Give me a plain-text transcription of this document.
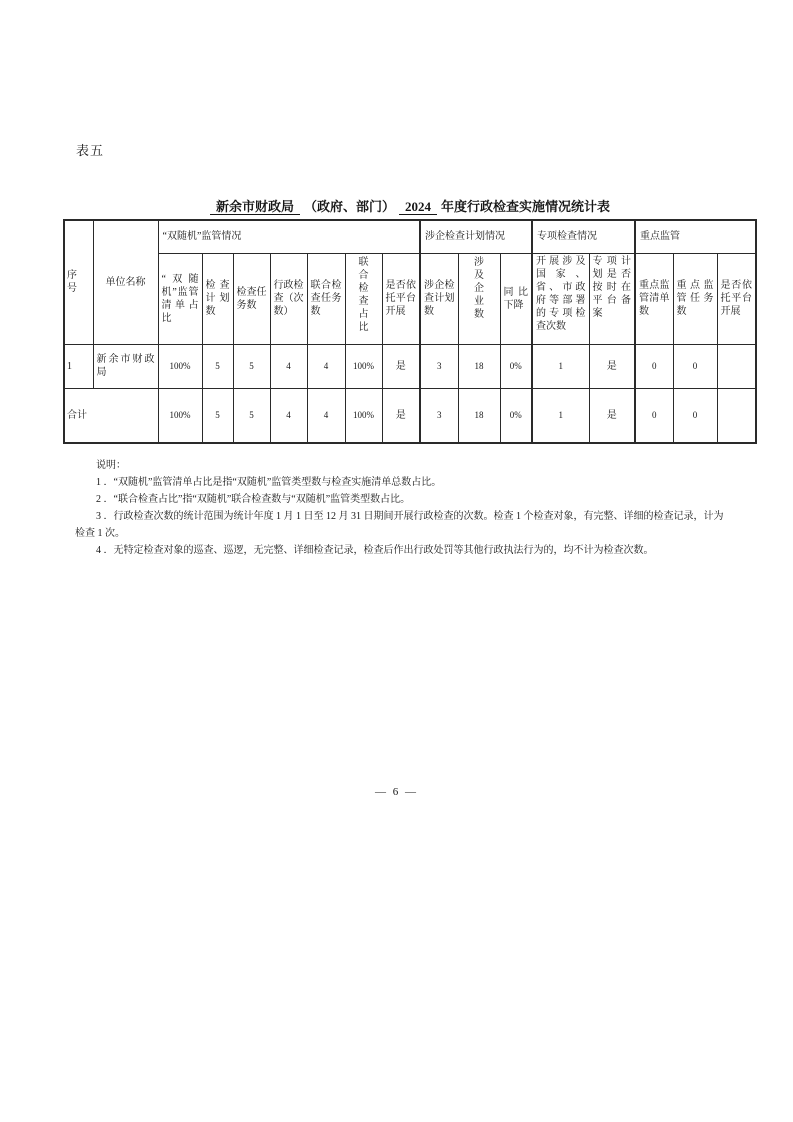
表五
新余市财政局 （政府、部门） 2024 年度行政检查实施情况统计表
序号	单位名称	“双随机”监管情况							涉企检查计划情况			专项检查情况		重点监管		
		“双随机”监管清单占比	检查计划数	检查任务数	行政检查（次数）	联合检查任务数	联合检查占比	是否依托平台开展	涉企检查计划数	涉及企业数	同比下降	开展涉及国家、省、市政府等部署的专项检查次数	专项计划是否按时在平台备案	重点监管清单数	重点监管任务数	是否依托平台开展
1	新余市财政局	100%	5	5	4	4	100%	是	3	18	0%	1	是	0	0	
合计		100%	5	5	4	4	100%	是	3	18	0%	1	是	0	0	
说明：
1 ．“双随机”监管清单占比是指“双随机”监管类型数与检查实施清单总数占比。
2 ．“联合检查占比”指“双随机”联合检查数与“双随机”监管类型数占比。
3 ．行政检查次数的统计范围为统计年度 1 月 1 日至 12 月 31 日期间开展行政检查的次数。检查 1 个检查对象，有完整、详细的检查记录，计为检查 1 次。
4 ．无特定检查对象的巡查、巡逻，无完整、详细检查记录，检查后作出行政处罚等其他行政执法行为的，均不计为检查次数。
— 6 —
